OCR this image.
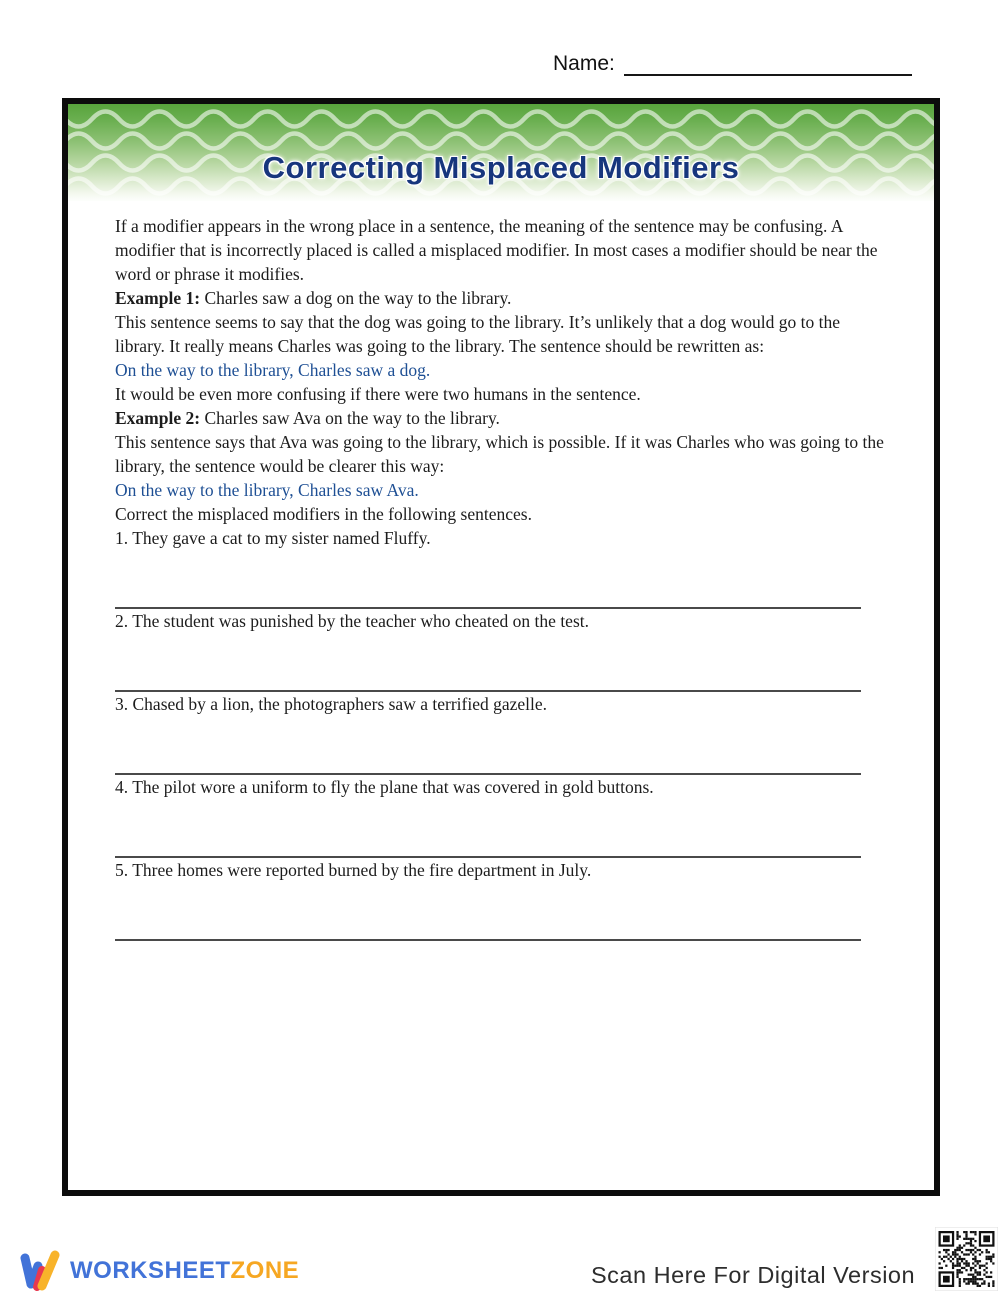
Name:
Correcting Misplaced Modifiers

If a modifier appears in the wrong place in a sentence, the meaning of the sentence may be confusing. A modifier that is incorrectly placed is called a misplaced modifier. In most cases a modifier should be near the word or phrase it modifies.

Example 1: Charles saw a dog on the way to the library.

This sentence seems to say that the dog was going to the library. It’s unlikely that a dog would go to the library. It really means Charles was going to the library. The sentence should be rewritten as:

On the way to the library, Charles saw a dog.

It would be even more confusing if there were two humans in the sentence.

Example 2: Charles saw Ava on the way to the library.

This sentence says that Ava was going to the library, which is possible. If it was Charles who was going to the library, the sentence would be clearer this way:

On the way to the library, Charles saw Ava.

Correct the misplaced modifiers in the following sentences.

1. They gave a cat to my sister named Fluffy.

2. The student was punished by the teacher who cheated on the test.

3. Chased by a lion, the photographers saw a terrified gazelle.

4. The pilot wore a uniform to fly the plane that was covered in gold buttons.

5. Three homes were reported burned by the fire department in July.

WORKSHEETZONE	Scan Here For Digital Version
